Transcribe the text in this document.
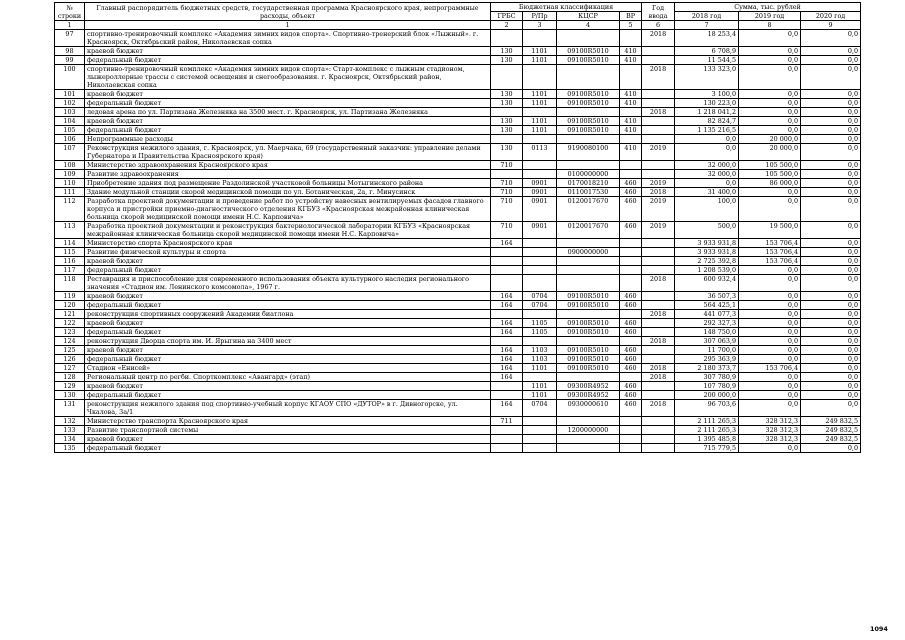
№ строки	Главный распорядитель бюджетных средств, государственная программа Красноярского края, непрограммные расходы, объект	Бюджетная классификация				Год ввода	Сумма, тыс. рублей		
		ГРБС	Р/Пр	КЦСР	ВР		2018 год	2019 год	2020 год
1	1	2	3	4	5	6	7	8	9
97	спортивно-тренировочный комплекс «Академия зимних видов спорта». Спортивно-тренерский блок «Лыжный». г. Красноярск, Октябрьский район, Николаевская сопка					2018	18 253,4	0,0	0,0
98	краевой бюджет	130	1101	09100R5010	410		6 708,9	0,0	0,0
99	федеральный бюджет	130	1101	09100R5010	410		11 544,5	0,0	0,0
100	спортивно-тренировочный комплекс «Академия зимних видов спорта»: Старт-комплекс с лыжным стадионом, лыжероллерные трассы с системой освещения и снегообразования. г. Красноярск, Октябрьский район, Николаевская сопка					2018	133 323,0	0,0	0,0
101	краевой бюджет	130	1101	09100R5010	410		3 100,0	0,0	0,0
102	федеральный бюджет	130	1101	09100R5010	410		130 223,0	0,0	0,0
103	ледовая арена по ул. Партизана Железняка на 3500 мест. г. Красноярск, ул. Партизана Железняка					2018	1 218 041,2	0,0	0,0
104	краевой бюджет	130	1101	09100R5010	410		82 824,7	0,0	0,0
105	федеральный бюджет	130	1101	09100R5010	410		1 135 216,5	0,0	0,0
106	Непрограммные расходы						0,0	20 000,0	0,0
107	Реконструкция нежилого здания, г. Красноярск, ул. Маерчака, 69 (государственный заказчик: управление делами Губернатора и Правительства Красноярского края)	130	0113	9190080100	410	2019	0,0	20 000,0	0,0
108	Министерство здравоохранения Красноярского края	710					32 000,0	105 500,0	0,0
109	Развитие здравоохранения			0100000000			32 000,0	105 500,0	0,0
110	Приобретение здания под размещение Раздолинской участковой больницы Мотыгинского района	710	0901	0170018210	460	2019	0,0	86 000,0	0,0
111	Здание модульной станции скорой медицинской помощи по ул. Ботаническая, 2а, г. Минусинск	710	0901	0110017530	460	2018	31 400,0	0,0	0,0
112	Разработка проектной документации и проведение работ по устройству навесных вентилируемых фасадов главного корпуса и пристройки приемно-диагностического отделения КГБУЗ «Красноярская межрайонная клиническая больница скорой медицинской помощи имени Н.С. Карповича»	710	0901	0120017670	460	2019	100,0	0,0	0,0
113	Разработка проектной документации и реконструкция бактериологической лаборатории КГБУЗ «Красноярская межрайонная клиническая больница скорой медицинской помощи имени Н.С. Карповича»	710	0901	0120017670	460	2019	500,0	19 500,0	0,0
114	Министерство спорта Красноярского края	164					3 933 931,8	153 706,4	0,0
115	Развитие физической культуры и спорта			0900000000			3 933 931,8	153 706,4	0,0
116	краевой бюджет						2 725 392,8	153 706,4	0,0
117	федеральный бюджет						1 208 539,0	0,0	0,0
118	Реставрация и приспособление для современного использования объекта культурного наследия регионального значения «Стадион им. Ленинского комсомола», 1967 г.					2018	600 932,4	0,0	0,0
119	краевой бюджет	164	0704	09100R5010	460		36 507,3	0,0	0,0
120	федеральный бюджет	164	0704	09100R5010	460		564 425,1	0,0	0,0
121	реконструкция спортивных сооружений Академии биатлона					2018	441 077,3	0,0	0,0
122	краевой бюджет	164	1105	09100R5010	460		292 327,3	0,0	0,0
123	федеральный бюджет	164	1105	09100R5010	460		148 750,0	0,0	0,0
124	реконструкция Дворца спорта им. И. Ярыгина на 3400 мест					2018	307 063,9	0,0	0,0
125	краевой бюджет	164	1103	09100R5010	460		11 700,0	0,0	0,0
126	федеральный бюджет	164	1103	09100R5010	460		295 363,9	0,0	0,0
127	Стадион «Енисей»	164	1101	09100R5010	460	2018	2 180 373,7	153 706,4	0,0
128	Региональный центр по регби. Спорткомплекс «Авангард» (этап)	164				2018	307 780,9	0,0	0,0
129	краевой бюджет		1101	09300R4952	460		107 780,9	0,0	0,0
130	федеральный бюджет		1101	09300R4952	460		200 000,0	0,0	0,0
131	реконструкция нежилого здания под спортивно-учебный корпус КГАОУ СПО «ДУТОР» в г. Дивногорске, ул. Чкалова, 3а/1	164	0704	0930000610	460	2018	96 703,6	0,0	0,0
132	Министерство транспорта Красноярского края	711					2 111 265,3	328 312,3	249 832,5
133	Развитие транспортной системы			1200000000			2 111 265,3	328 312,3	249 832,5
134	краевой бюджет						1 395 485,8	328 312,3	249 832,5
135	федеральный бюджет						715 779,5	0,0	0,0
1094
